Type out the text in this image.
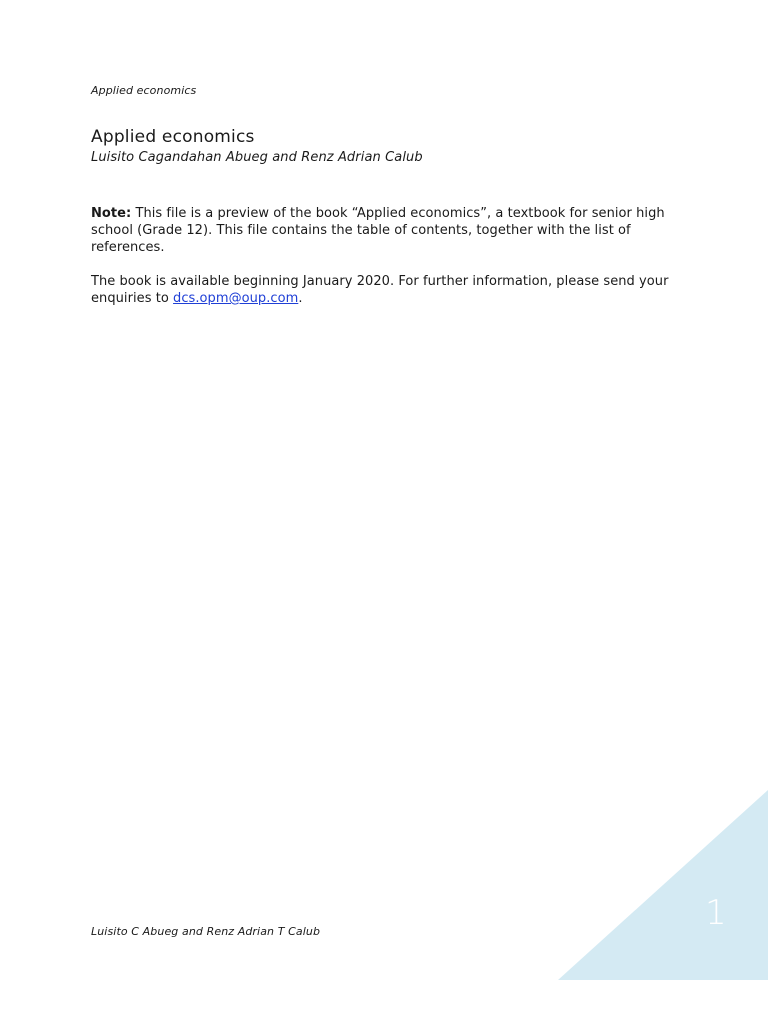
Applied economics
Applied economics
Luisito Cagandahan Abueg and Renz Adrian Calub

Note: This file is a preview of the book “Applied economics”, a textbook for senior high school (Grade 12). This file contains the table of contents, together with the list of references.

The book is available beginning January 2020. For further information, please send your enquiries to dcs.opm@oup.com.

1
Luisito C Abueg and Renz Adrian T Calub
